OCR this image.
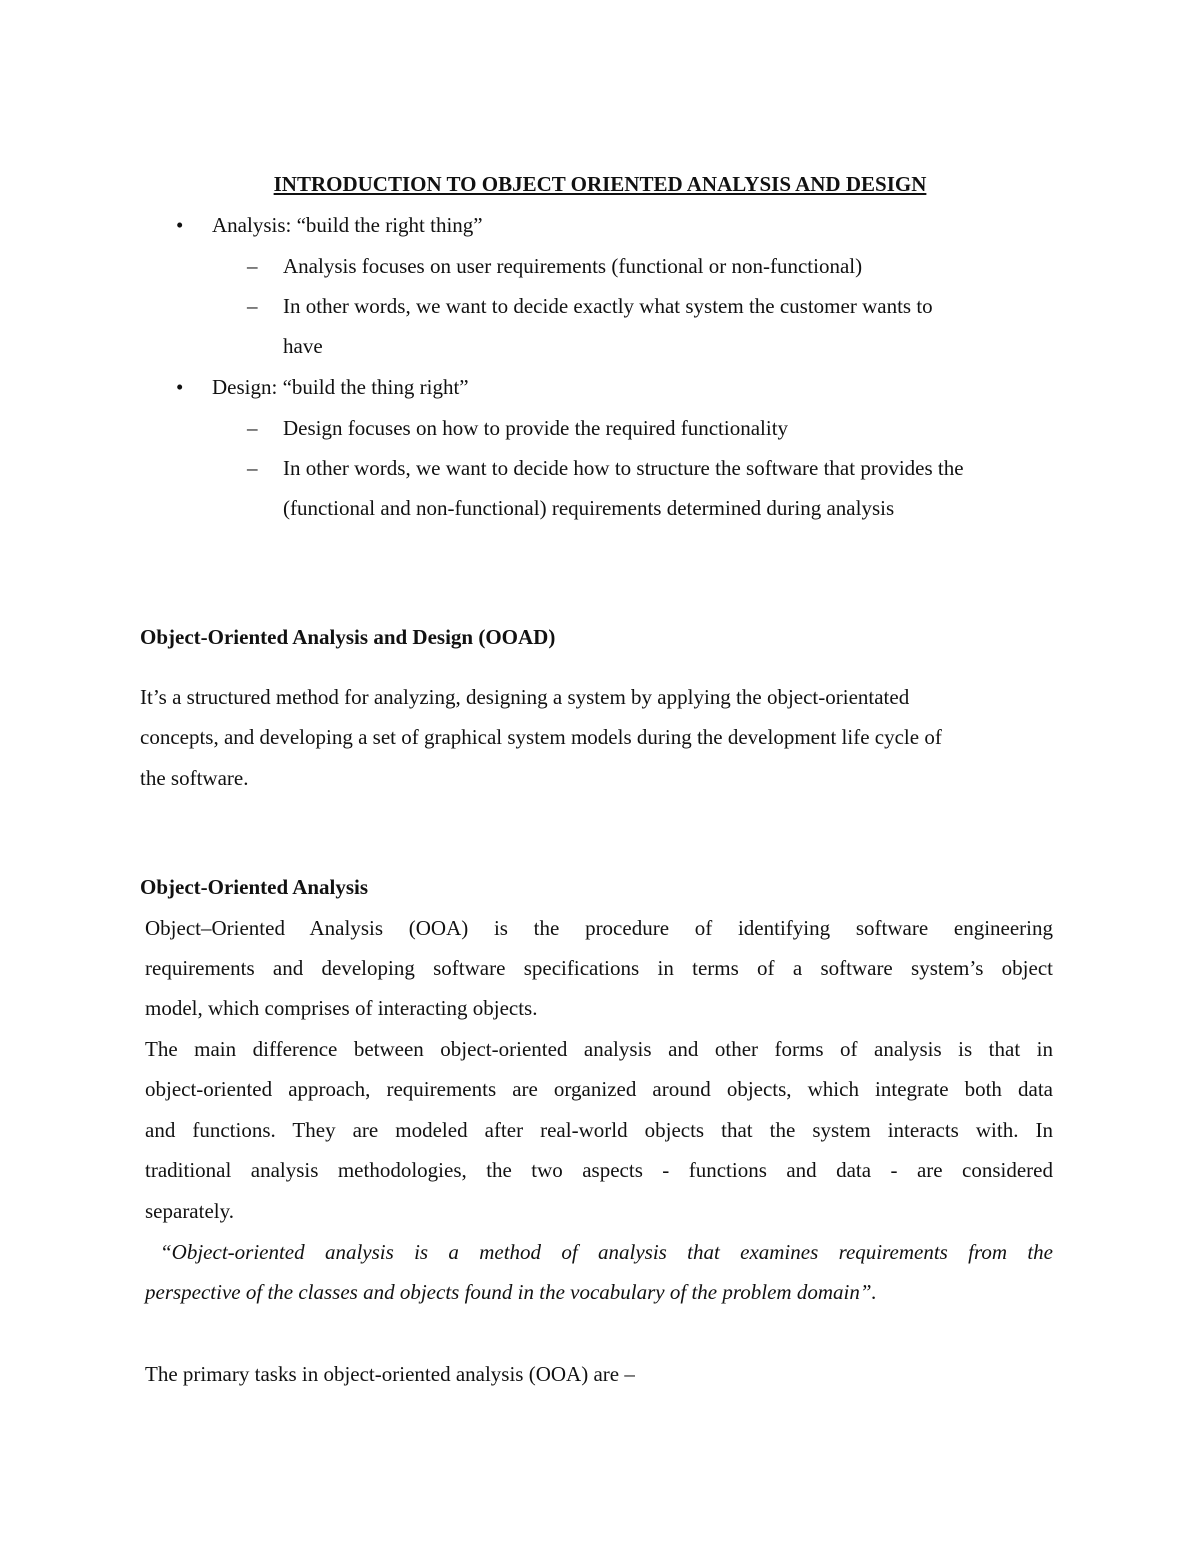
INTRODUCTION TO OBJECT ORIENTED ANALYSIS AND DESIGN
• Analysis: “build the right thing”
– Analysis focuses on user requirements (functional or non-functional)
– In other words, we want to decide exactly what system the customer wants to
have
• Design: “build the thing right”
– Design focuses on how to provide the required functionality
– In other words, we want to decide how to structure the software that provides the
(functional and non-functional) requirements determined during analysis
Object-Oriented Analysis and Design (OOAD)
It’s a structured method for analyzing, designing a system by applying the object-orientated
concepts, and developing a set of graphical system models during the development life cycle of
the software.
Object-Oriented Analysis
Object–Oriented Analysis (OOA) is the procedure of identifying software engineering
requirements and developing software specifications in terms of a software system’s object
model, which comprises of interacting objects.
The main difference between object-oriented analysis and other forms of analysis is that in
object-oriented approach, requirements are organized around objects, which integrate both data
and functions. They are modeled after real-world objects that the system interacts with. In
traditional analysis methodologies, the two aspects - functions and data - are considered
separately.
“Object-oriented analysis is a method of analysis that examines requirements from the
perspective of the classes and objects found in the vocabulary of the problem domain”.
The primary tasks in object-oriented analysis (OOA) are –
